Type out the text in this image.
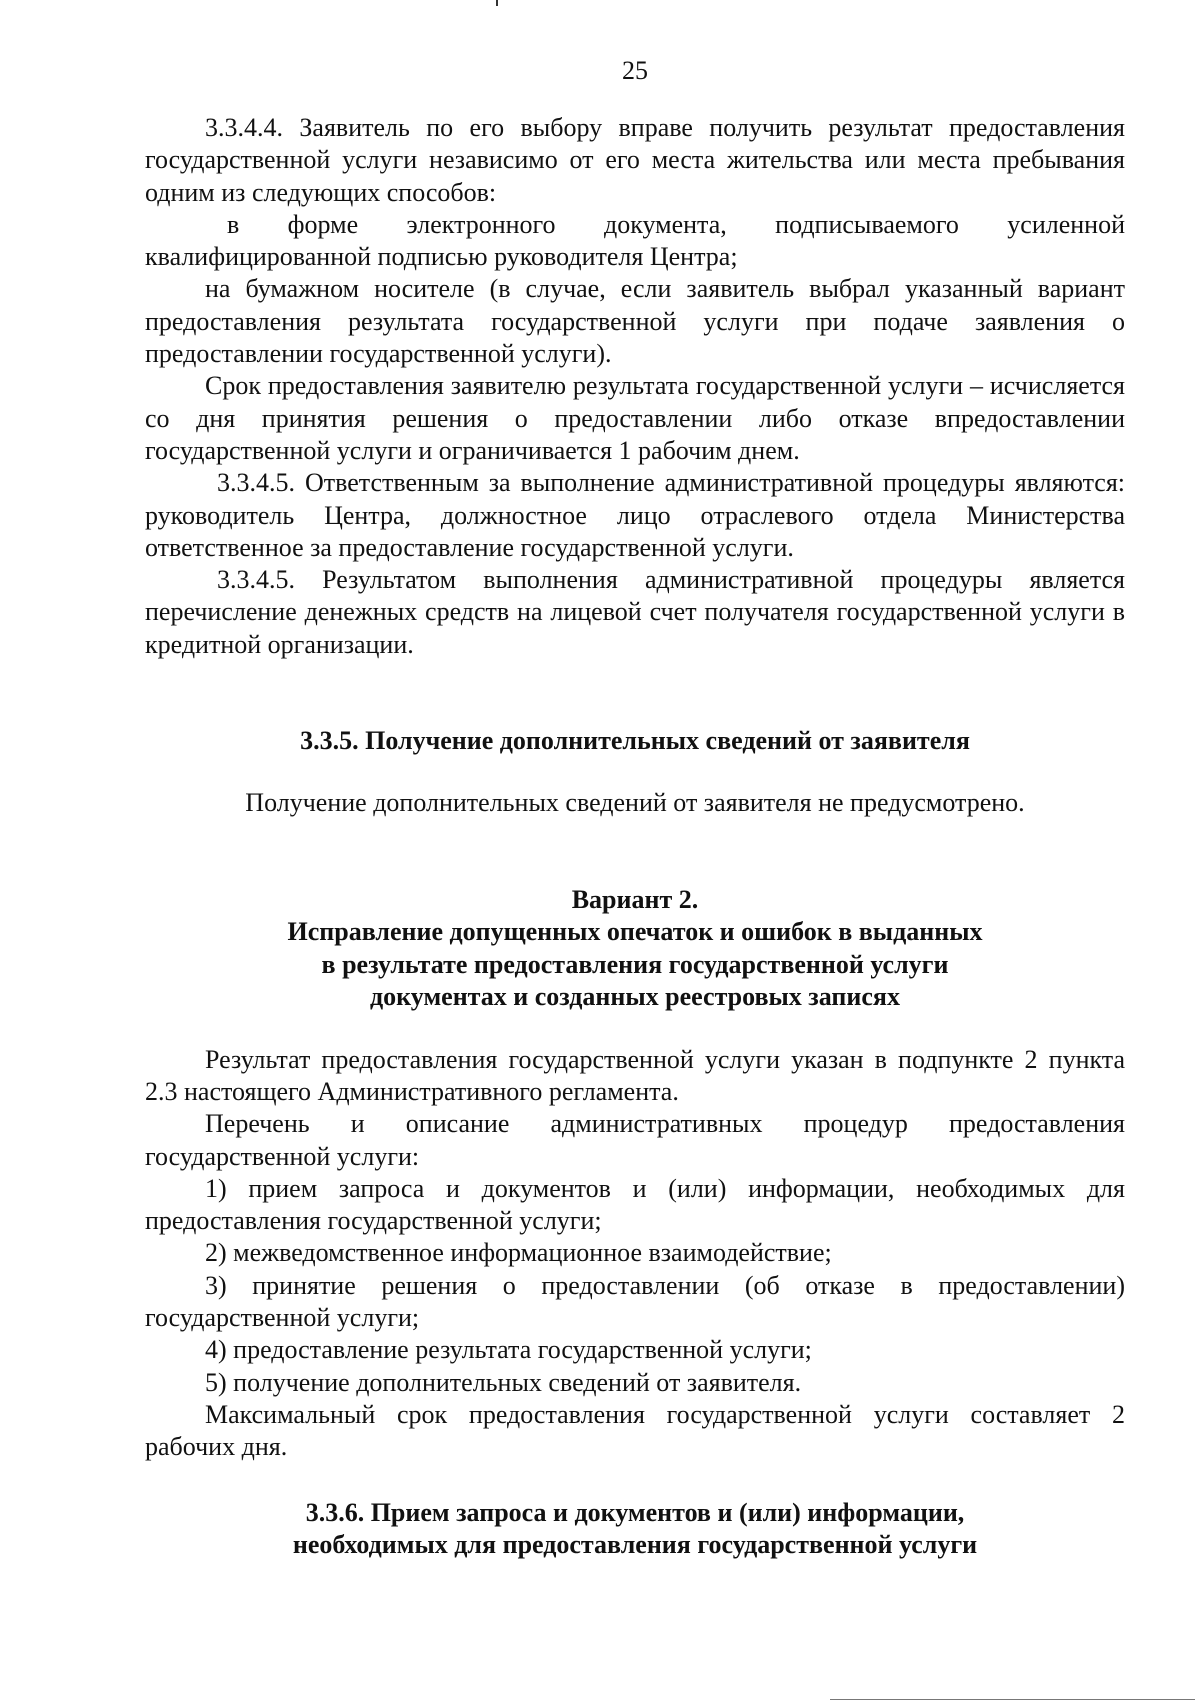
25

3.3.4.4. Заявитель по его выбору вправе получить результат предоставления государственной услуги независимо от его места жительства или места пребывания одним из следующих способов:

в форме электронного документа, подписываемого усиленной квалифицированной подписью руководителя Центра;

на бумажном носителе (в случае, если заявитель выбрал указанный вариант предоставления результата государственной услуги при подаче заявления о предоставлении государственной услуги).

Срок предоставления заявителю результата государственной услуги – исчисляется со дня принятия решения о предоставлении либо отказе впредоставлении государственной услуги и ограничивается 1 рабочим днем.

3.3.4.5. Ответственным за выполнение административной процедуры являются: руководитель Центра, должностное лицо отраслевого отдела Министерства ответственное за предоставление государственной услуги.

3.3.4.5. Результатом выполнения административной процедуры является перечисление денежных средств на лицевой счет получателя государственной услуги в кредитной организации.

3.3.5. Получение дополнительных сведений от заявителя

Получение дополнительных сведений от заявителя не предусмотрено.

Вариант 2.

Исправление допущенных опечаток и ошибок в выданных

в результате предоставления государственной услуги

документах и созданных реестровых записях

Результат предоставления государственной услуги указан в подпункте 2 пункта 2.3 настоящего Административного регламента.

Перечень и описание административных процедур предоставления государственной услуги:

1) прием запроса и документов и (или) информации, необходимых для предоставления государственной услуги;

2) межведомственное информационное взаимодействие;

3) принятие решения о предоставлении (об отказе в предоставлении) государственной услуги;

4) предоставление результата государственной услуги;

5) получение дополнительных сведений от заявителя.

Максимальный срок предоставления государственной услуги составляет 2 рабочих дня.

3.3.6. Прием запроса и документов и (или) информации,

необходимых для предоставления государственной услуги
